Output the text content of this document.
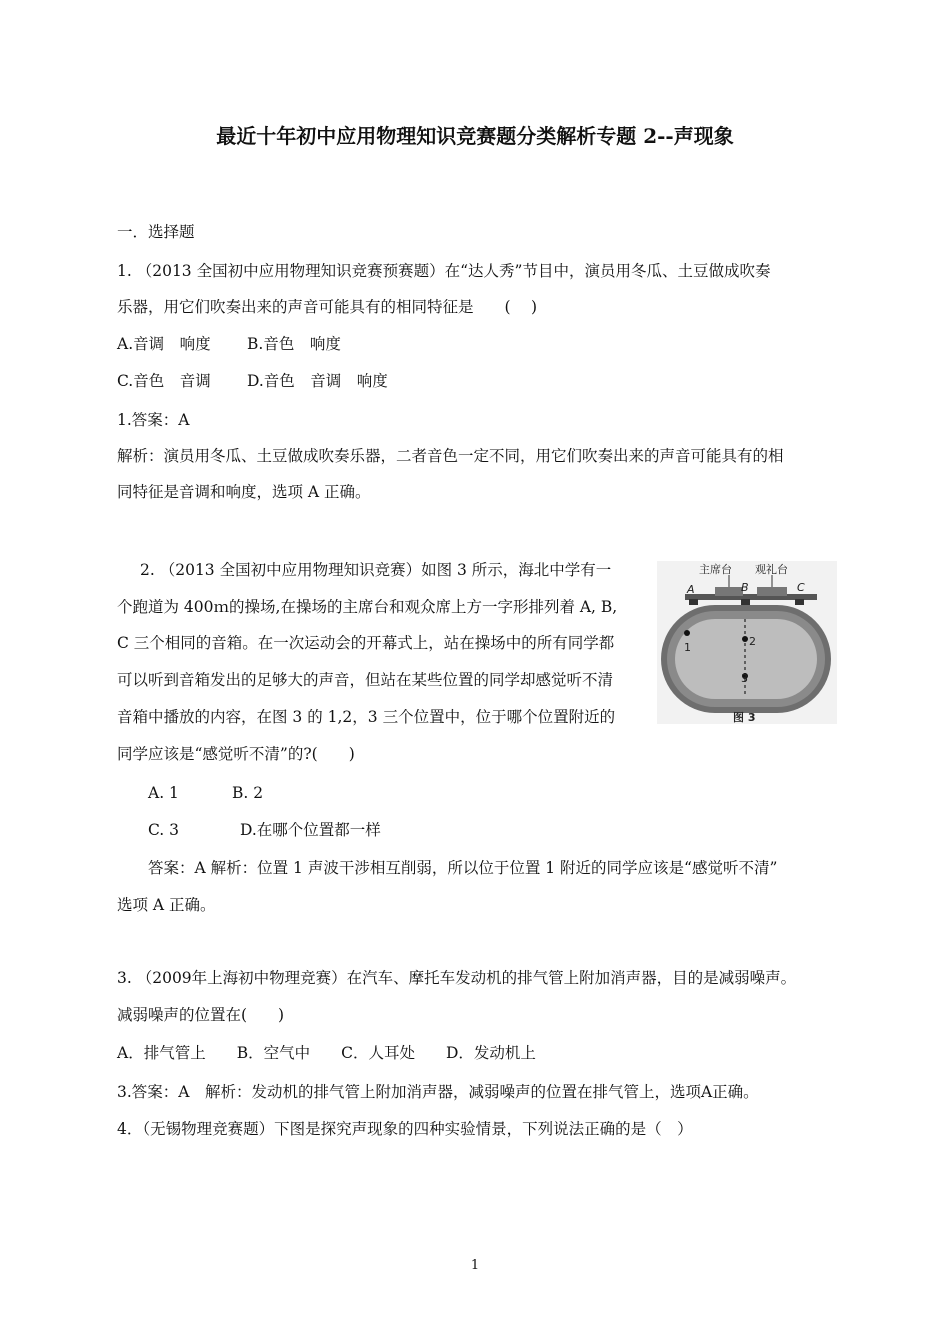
最近十年初中应用物理知识竞赛题分类解析专题 2--声现象
一．选择题
1. （2013 全国初中应用物理知识竞赛预赛题）在“达人秀”节目中，演员用冬瓜、土豆做成吹奏
乐器，用它们吹奏出来的声音可能具有的相同特征是　　( 　)
A.音调　响度 B.音色　响度
C.音色　音调 D.音色　音调　响度
1.答案：A
解析：演员用冬瓜、土豆做成吹奏乐器，二者音色一定不同，用它们吹奏出来的声音可能具有的相
同特征是音调和响度，选项 A 正确。
2. （2013 全国初中应用物理知识竞赛）如图 3 所示，海北中学有一
个跑道为 400ｍ的操场,在操场的主席台和观众席上方一字形排列着 A, B,
C 三个相同的音箱。在一次运动会的开幕式上，站在操场中的所有同学都
可以听到音箱发出的足够大的声音，但站在某些位置的同学却感觉听不清
音箱中播放的内容，在图 3 的 1,2，3 三个位置中，位于哪个位置附近的
同学应该是“感觉听不清”的?(　　)
主席台 观礼台
A	B	C
1	2
3
图 3
A. 1	B. 2
C. 3	D.在哪个位置都一样
答案：A 解析：位置 1 声波干涉相互削弱，所以位于位置 1 附近的同学应该是“感觉听不清”
选项 A 正确。
3. （2009年上海初中物理竞赛）在汽车、摩托车发动机的排气管上附加消声器，目的是减弱噪声。
减弱噪声的位置在(　　)
A．排气管上　　B．空气中　　C．人耳处　　D．发动机上
3.答案：A　解析：发动机的排气管上附加消声器，减弱噪声的位置在排气管上，选项A正确。
4．（无锡物理竞赛题）下图是探究声现象的四种实验情景，下列说法正确的是（　）
1
